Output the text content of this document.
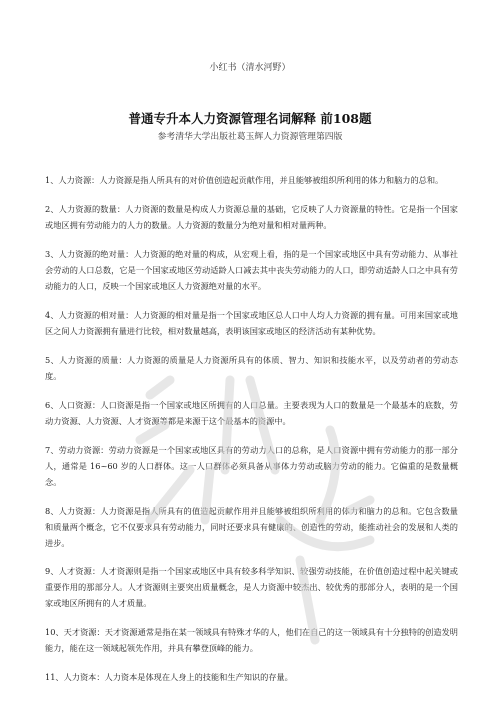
小红书（清水河野）
普通专升本人力资源管理名词解释 前108题
参考清华大学出版社葛玉辉人力资源管理第四版

1、人力资源：人力资源是指人所具有的对价值创造起贡献作用，并且能够被组织所利用的体力和脑力的总和。

2、人力资源的数量：人力资源的数量是构成人力资源总量的基础，它反映了人力资源量的特性。它是指一个国家或地区拥有劳动能力的人力的数量。人力资源的数量分为绝对量和相对量两种。

3、人力资源的绝对量：人力资源的绝对量的构成，从宏观上看，指的是一个国家或地区中具有劳动能力、从事社会劳动的人口总数，它是一个国家或地区劳动适龄人口减去其中丧失劳动能力的人口，即劳动适龄人口之中具有劳动能力的人口，反映一个国家或地区人力资源绝对量的水平。

4、人力资源的相对量：人力资源的相对量是指一个国家或地区总人口中人均人力资源的拥有量。可用来国家或地区之间人力资源拥有量进行比较，相对数量越高，表明该国家或地区的经济活动有某种优势。

5、人力资源的质量：人力资源的质量是人力资源所具有的体质、智力、知识和技能水平，以及劳动者的劳动态度。

6、人口资源：人口资源是指一个国家或地区所拥有的人口总量。主要表现为人口的数量是一个最基本的底数，劳动力资源、人力资源、人才资源等都是来源于这个最基本的资源中。

7、劳动力资源：劳动力资源是一个国家或地区具有的劳动力人口的总称，是人口资源中拥有劳动能力的那一部分人，通常是 16~60 岁的人口群体。这一人口群体必须具备从事体力劳动或脑力劳动的能力。它偏重的是数量概念。

8、人力资源：人力资源是指人所具有的值造起贡献作用并且能够被组织所利用的体力和脑力的总和。它包含数量和质量两个概念，它不仅要求具有劳动能力，同时还要求具有健康的、创造性的劳动，能推动社会的发展和人类的进步。

9、人才资源：人才资源则是指一个国家或地区中具有较多科学知识、较强劳动技能，在价值创造过程中起关键或重要作用的那部分人。人才资源则主要突出质量概念，是人力资源中较杰出、较优秀的那部分人，表明的是一个国家或地区所拥有的人才质量。

10、天才资源：天才资源通常是指在某一领域具有特殊才华的人，他们在自己的这一领域具有十分独特的创造发明能力，能在这一领域起领先作用，并具有攀登顶峰的能力。

11、人力资本：人力资本是体现在人身上的技能和生产知识的存量。
